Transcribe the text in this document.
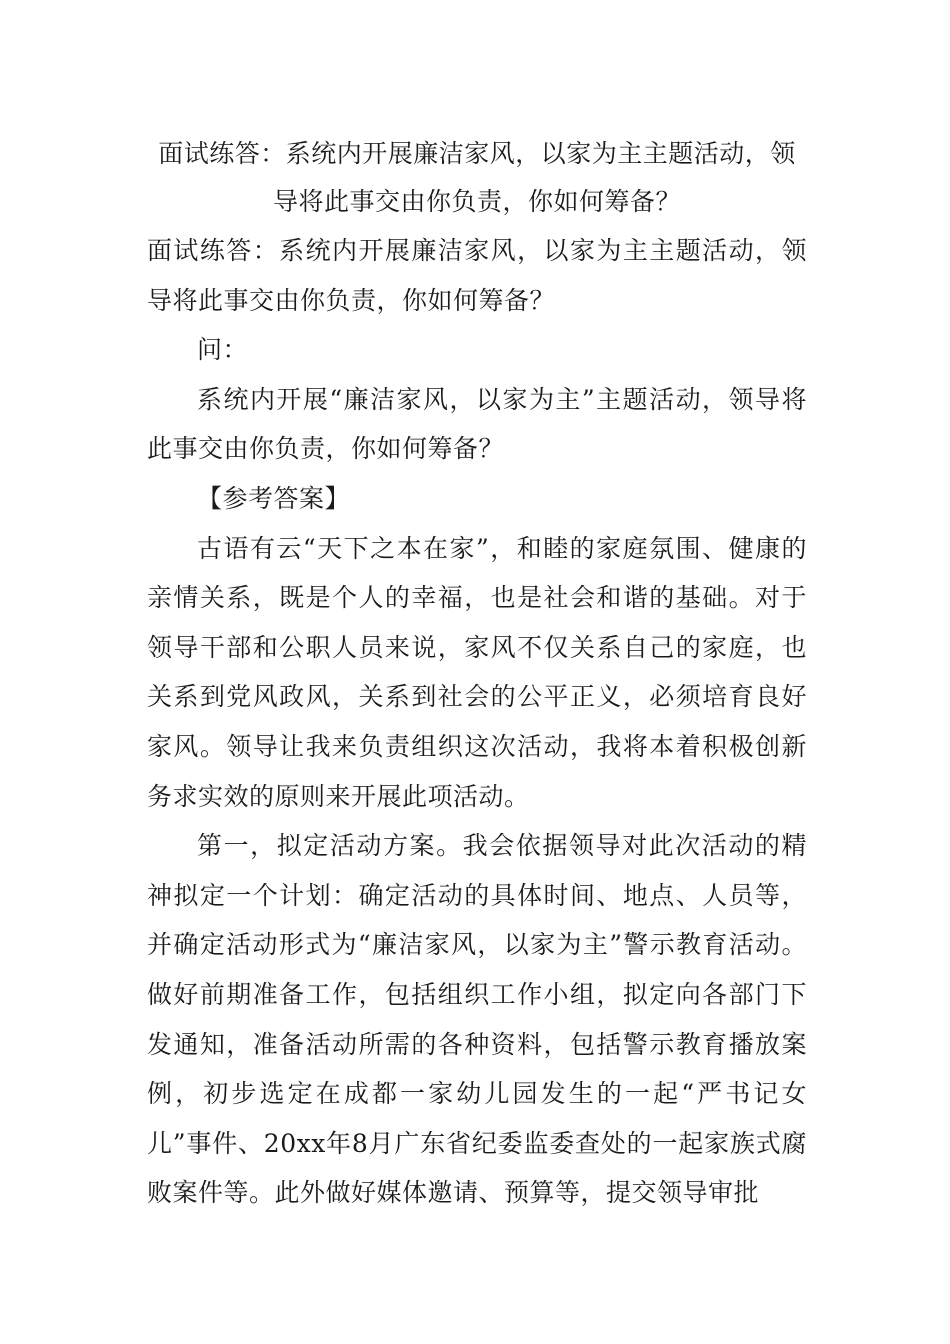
面试练答：系统内开展廉洁家风，以家为主主题活动，领导将此事交由你负责，你如何筹备？

面试练答：系统内开展廉洁家风，以家为主主题活动，领导将此事交由你负责，你如何筹备？

问：

系统内开展“廉洁家风，以家为主”主题活动，领导将此事交由你负责，你如何筹备？

【参考答案】

古语有云“天下之本在家”，和睦的家庭氛围、健康的亲情关系，既是个人的幸福，也是社会和谐的基础。对于领导干部和公职人员来说，家风不仅关系自己的家庭，也关系到党风政风，关系到社会的公平正义，必须培育良好家风。领导让我来负责组织这次活动，我将本着积极创新务求实效的原则来开展此项活动。

第一，拟定活动方案。我会依据领导对此次活动的精神拟定一个计划：确定活动的具体时间、地点、人员等，并确定活动形式为“廉洁家风，以家为主”警示教育活动。做好前期准备工作，包括组织工作小组，拟定向各部门下发通知，准备活动所需的各种资料，包括警示教育播放案例，初步选定在成都一家幼儿园发生的一起“严书记女儿”事件、20xx年8月广东省纪委监委查处的一起家族式腐败案件等。此外做好媒体邀请、预算等，提交领导审批
